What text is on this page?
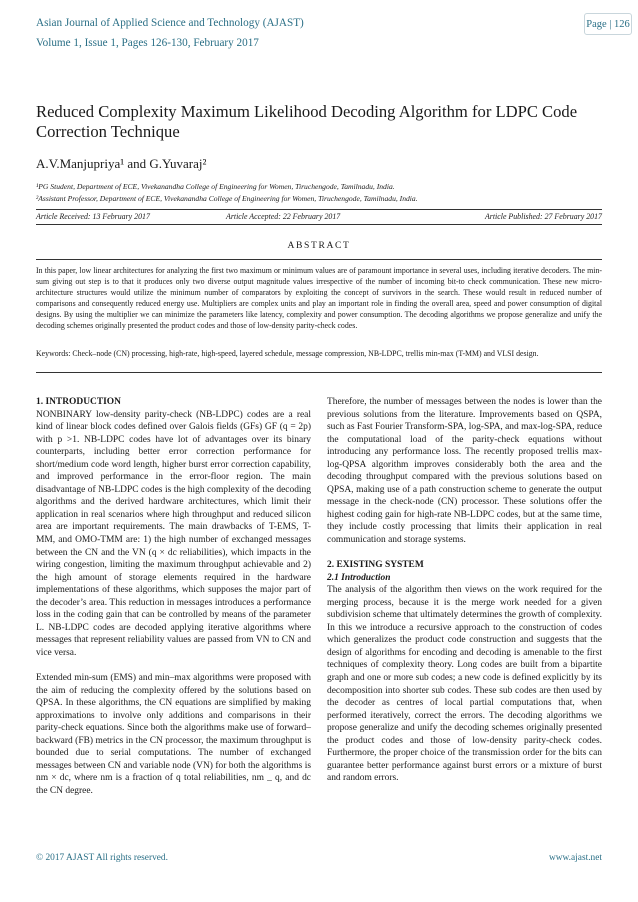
Asian Journal of Applied Science and Technology (AJAST)
Volume 1, Issue 1, Pages 126-130, February 2017
Page | 126
Reduced Complexity Maximum Likelihood Decoding Algorithm for LDPC Code Correction Technique
A.V.Manjupriya¹ and G.Yuvaraj²
¹PG Student, Department of ECE, Vivekanandha College of Engineering for Women, Tiruchengode, Tamilnadu, India.
²Assistant Professor, Department of ECE, Vivekanandha College of Engineering for Women, Tiruchengode, Tamilnadu, India.
Article Received: 13 February 2017	Article Accepted: 22 February 2017	Article Published: 27 February 2017
ABSTRACT
In this paper, low linear architectures for analyzing the first two maximum or minimum values are of paramount importance in several uses, including iterative decoders. The min-sum giving out step is to that it produces only two diverse output magnitude values irrespective of the number of incoming bit-to check communication. These new micro-architecture structures would utilize the minimum number of comparators by exploiting the concept of survivors in the search. These would result in reduced number of comparisons and consequently reduced energy use. Multipliers are complex units and play an important role in finding the overall area, speed and power consumption of digital designs. By using the multiplier we can minimize the parameters like latency, complexity and power consumption. The decoding algorithms we propose generalize and unify the decoding schemes originally presented the product codes and those of low-density parity-check codes.
Keywords: Check–node (CN) processing, high-rate, high-speed, layered schedule, message compression, NB-LDPC, trellis min-max (T-MM) and VLSI design.

1. INTRODUCTION

NONBINARY low-density parity-check (NB-LDPC) codes are a real kind of linear block codes defined over Galois fields (GFs) GF (q = 2p) with p >1. NB-LDPC codes have lot of advantages over its binary counterparts, including better error correction performance for short/medium code word length, higher burst error correction capability, and improved performance in the error-floor region. The main disadvantage of NB-LDPC codes is the high complexity of the decoding algorithms and the derived hardware architectures, which limit their application in real scenarios where high throughput and reduced silicon area are important requirements. The main drawbacks of T-EMS, T-MM, and OMO-TMM are: 1) the high number of exchanged messages between the CN and the VN (q × dc reliabilities), which impacts in the wiring congestion, limiting the maximum throughput achievable and 2) the high amount of storage elements required in the hardware implementations of these algorithms, which supposes the major part of the decoder’s area. This reduction in messages introduces a performance loss in the coding gain that can be controlled by means of the parameter L. NB-LDPC codes are decoded applying iterative algorithms where messages that represent reliability values are passed from VN to CN and vice versa.

Extended min-sum (EMS) and min–max algorithms were proposed with the aim of reducing the complexity offered by the solutions based on QPSA. In these algorithms, the CN equations are simplified by making approximations to involve only additions and comparisons in their parity-check equations. Since both the algorithms make use of forward–backward (FB) metrics in the CN processor, the maximum throughput is bounded due to serial computations. The number of exchanged messages between CN and variable node (VN) for both the algorithms is nm × dc, where nm is a fraction of q total reliabilities, nm _ q, and dc the CN degree.

Therefore, the number of messages between the nodes is lower than the previous solutions from the literature. Improvements based on QSPA, such as Fast Fourier Transform-SPA, log-SPA, and max-log-SPA, reduce the computational load of the parity-check equations without introducing any performance loss. The recently proposed trellis max-log-QPSA algorithm improves considerably both the area and the decoding throughput compared with the previous solutions based on QPSA, making use of a path construction scheme to generate the output message in the check-node (CN) processor. These solutions offer the highest coding gain for high-rate NB-LDPC codes, but at the same time, they include costly processing that limits their application in real communication and storage systems.

2. EXISTING SYSTEM

2.1 Introduction

The analysis of the algorithm then views on the work required for the merging process, because it is the merge work needed for a given subdivision scheme that ultimately determines the growth of complexity. In this we introduce a recursive approach to the construction of codes which generalizes the product code construction and suggests that the design of algorithms for encoding and decoding is amenable to the first techniques of complexity theory. Long codes are built from a bipartite graph and one or more sub codes; a new code is defined explicitly by its decomposition into shorter sub codes. These sub codes are then used by the decoder as centres of local partial computations that, when performed iteratively, correct the errors. The decoding algorithms we propose generalize and unify the decoding schemes originally presented the product codes and those of low-density parity-check codes. Furthermore, the proper choice of the transmission order for the bits can guarantee better performance against burst errors or a mixture of burst and random errors.

© 2017 AJAST All rights reserved.	www.ajast.net
